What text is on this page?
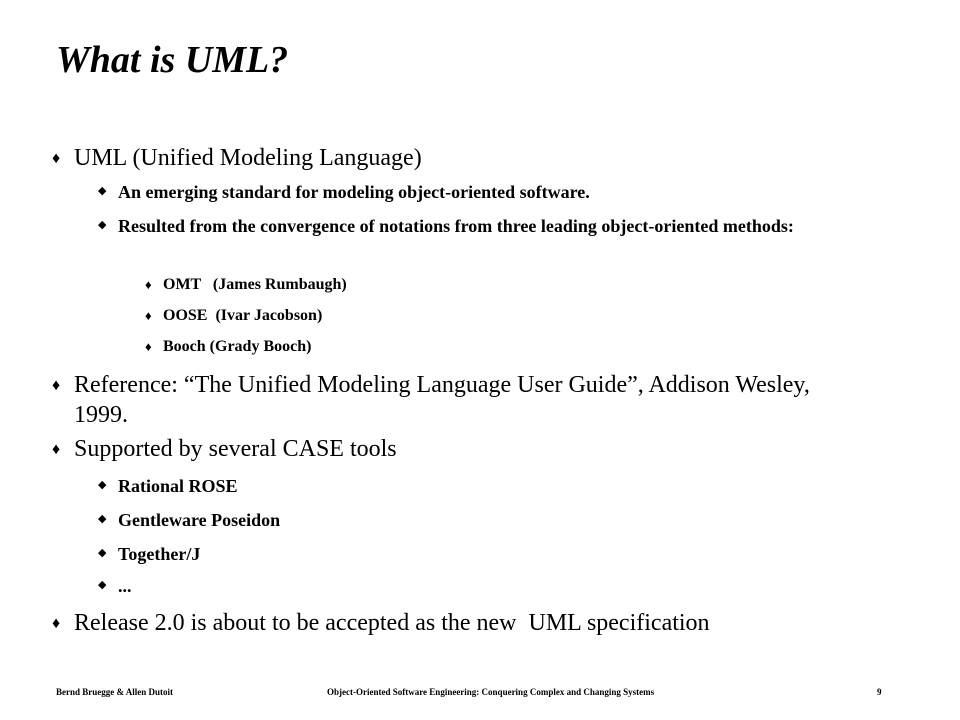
What is UML?
♦ UML (Unified Modeling Language)
◆ An emerging standard for modeling object-oriented software.
◆ Resulted from the convergence of notations from three leading object-oriented methods:
♦ OMT   (James Rumbaugh)
♦ OOSE  (Ivar Jacobson)
♦ Booch (Grady Booch)
♦ Reference: “The Unified Modeling Language User Guide”, Addison Wesley, 1999.
♦ Supported by several CASE tools
◆ Rational ROSE
◆ Gentleware Poseidon
◆ Together/J
◆ ...
♦ Release 2.0 is about to be accepted as the new  UML specification
Bernd Bruegge & Allen Dutoit	Object-Oriented Software Engineering: Conquering Complex and Changing Systems	9
